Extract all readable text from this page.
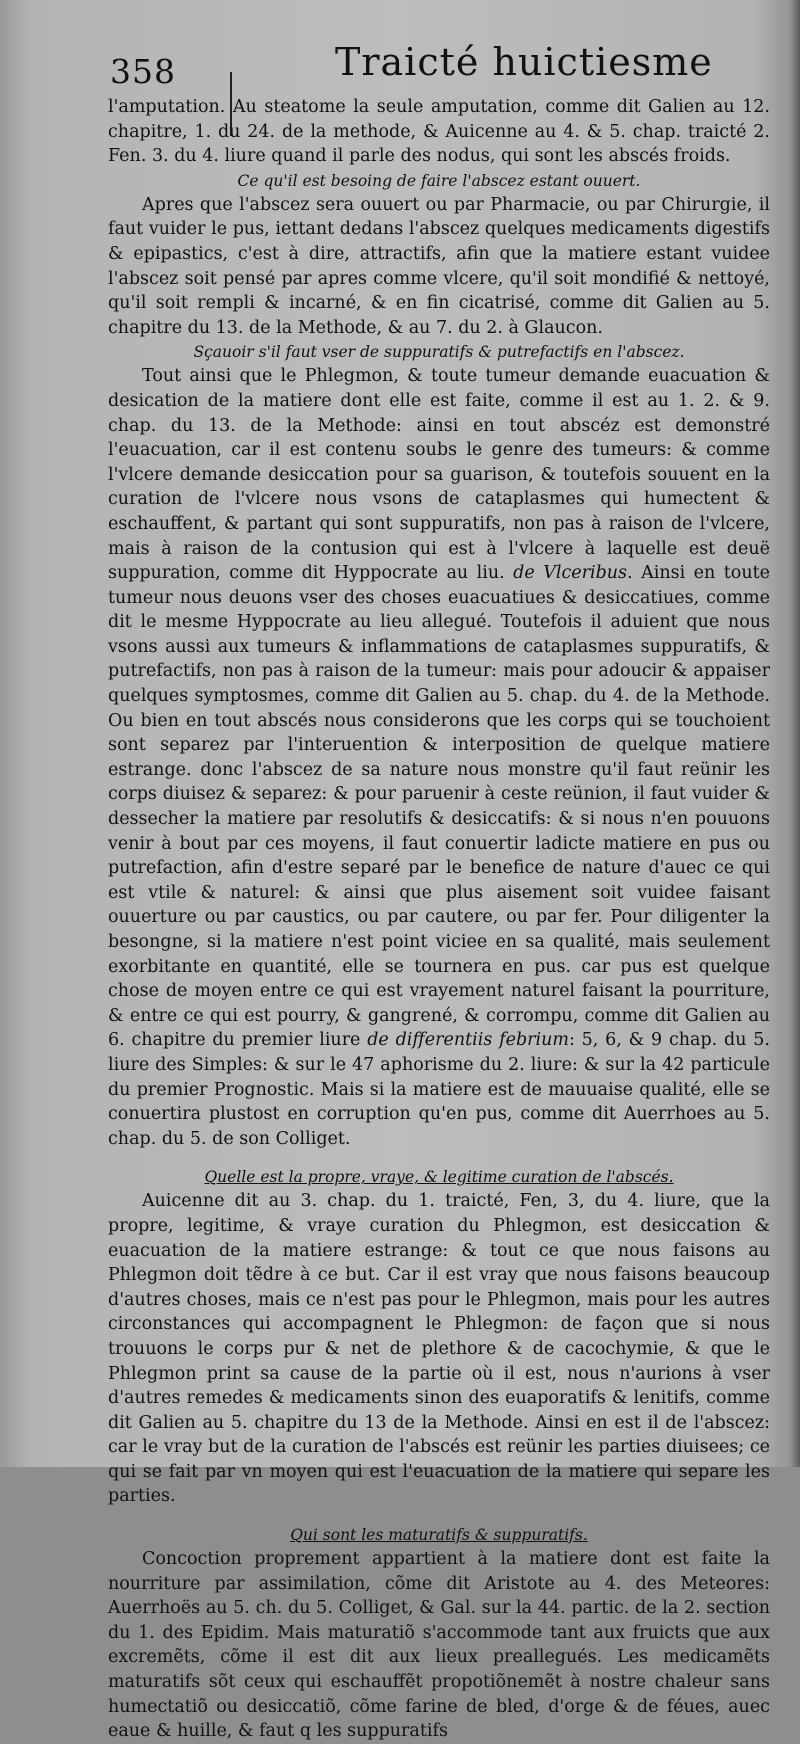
358	Traicté huictiesme

l'amputation. Au steatome la seule amputation, comme dit Galien au 12. chapitre, 1. du 24. de la methode, & Auicenne au 4. & 5. chap. traicté 2. Fen. 3. du 4. liure quand il parle des nodus, qui sont les abscés froids.

Ce qu'il est besoing de faire l'abscez estant ouuert.

Apres que l'abscez sera ouuert ou par Pharmacie, ou par Chirurgie, il faut vuider le pus, iettant dedans l'abscez quelques medicaments digestifs & epipastics, c'est à dire, attractifs, afin que la matiere estant vuidee l'abscez soit pensé par apres comme vlcere, qu'il soit mondifié & nettoyé, qu'il soit rempli & incarné, & en fin cicatrisé, comme dit Galien au 5. chapitre du 13. de la Methode, & au 7. du 2. à Glaucon.

Sçauoir s'il faut vser de suppuratifs & putrefactifs en l'abscez.

Tout ainsi que le Phlegmon, & toute tumeur demande euacuation & desication de la matiere dont elle est faite, comme il est au 1. 2. & 9. chap. du 13. de la Methode: ainsi en tout abscéz est demonstré l'euacuation, car il est contenu soubs le genre des tumeurs: & comme l'vlcere demande desiccation pour sa guarison, & toutefois souuent en la curation de l'vlcere nous vsons de cataplasmes qui humectent & eschauffent, & partant qui sont suppuratifs, non pas à raison de l'vlcere, mais à raison de la contusion qui est à l'vlcere à laquelle est deuë suppuration, comme dit Hyppocrate au liu. de Vlceribus. Ainsi en toute tumeur nous deuons vser des choses euacuatiues & desiccatiues, comme dit le mesme Hyppocrate au lieu allegué. Toutefois il aduient que nous vsons aussi aux tumeurs & inflammations de cataplasmes suppuratifs, & putrefactifs, non pas à raison de la tumeur: mais pour adoucir & appaiser quelques symptosmes, comme dit Galien au 5. chap. du 4. de la Methode. Ou bien en tout abscés nous considerons que les corps qui se touchoient sont separez par l'interuention & interposition de quelque matiere estrange. donc l'abscez de sa nature nous monstre qu'il faut reünir les corps diuisez & separez: & pour paruenir à ceste reünion, il faut vuider & dessecher la matiere par resolutifs & desiccatifs: & si nous n'en pouuons venir à bout par ces moyens, il faut conuertir ladicte matiere en pus ou putrefaction, afin d'estre separé par le benefice de nature d'auec ce qui est vtile & naturel: & ainsi que plus aisement soit vuidee faisant ouuerture ou par caustics, ou par cautere, ou par fer. Pour diligenter la besongne, si la matiere n'est point viciee en sa qualité, mais seulement exorbitante en quantité, elle se tournera en pus. car pus est quelque chose de moyen entre ce qui est vrayement naturel faisant la pourriture, & entre ce qui est pourry, & gangrené, & corrompu, comme dit Galien au 6. chapitre du premier liure de differentiis febrium: 5, 6, & 9 chap. du 5. liure des Simples: & sur le 47 aphorisme du 2. liure: & sur la 42 particule du premier Prognostic. Mais si la matiere est de mauuaise qualité, elle se conuertira plustost en corruption qu'en pus, comme dit Auerrhoes au 5. chap. du 5. de son Colliget.

Quelle est la propre, vraye, & legitime curation de l'abscés.

Auicenne dit au 3. chap. du 1. traicté, Fen, 3, du 4. liure, que la propre, legitime, & vraye curation du Phlegmon, est desiccation & euacuation de la matiere estrange: & tout ce que nous faisons au Phlegmon doit tẽdre à ce but. Car il est vray que nous faisons beaucoup d'autres choses, mais ce n'est pas pour le Phlegmon, mais pour les autres circonstances qui accompagnent le Phlegmon: de façon que si nous trouuons le corps pur & net de plethore & de cacochymie, & que le Phlegmon print sa cause de la partie où il est, nous n'aurions à vser d'autres remedes & medicaments sinon des euaporatifs & lenitifs, comme dit Galien au 5. chapitre du 13 de la Methode. Ainsi en est il de l'abscez: car le vray but de la curation de l'abscés est reünir les parties diuisees; ce qui se fait par vn moyen qui est l'euacuation de la matiere qui separe les parties.

Qui sont les maturatifs & suppuratifs.

Concoction proprement appartient à la matiere dont est faite la nourriture par assimilation, cõme dit Aristote au 4. des Meteores: Auerrhoës au 5. ch. du 5. Colliget, & Gal. sur la 44. partic. de la 2. section du 1. des Epidim. Mais maturatiõ s'accommode tant aux fruicts que aux excremẽts, cõme il est dit aux lieux preallegués. Les medicamẽts maturatifs sõt ceux qui eschauffẽt propotiõnemẽt à nostre chaleur sans humectatiõ ou desiccatiõ, cõme farine de bled, d'orge & de féues, auec eaue & huille, & faut q les suppuratifs
